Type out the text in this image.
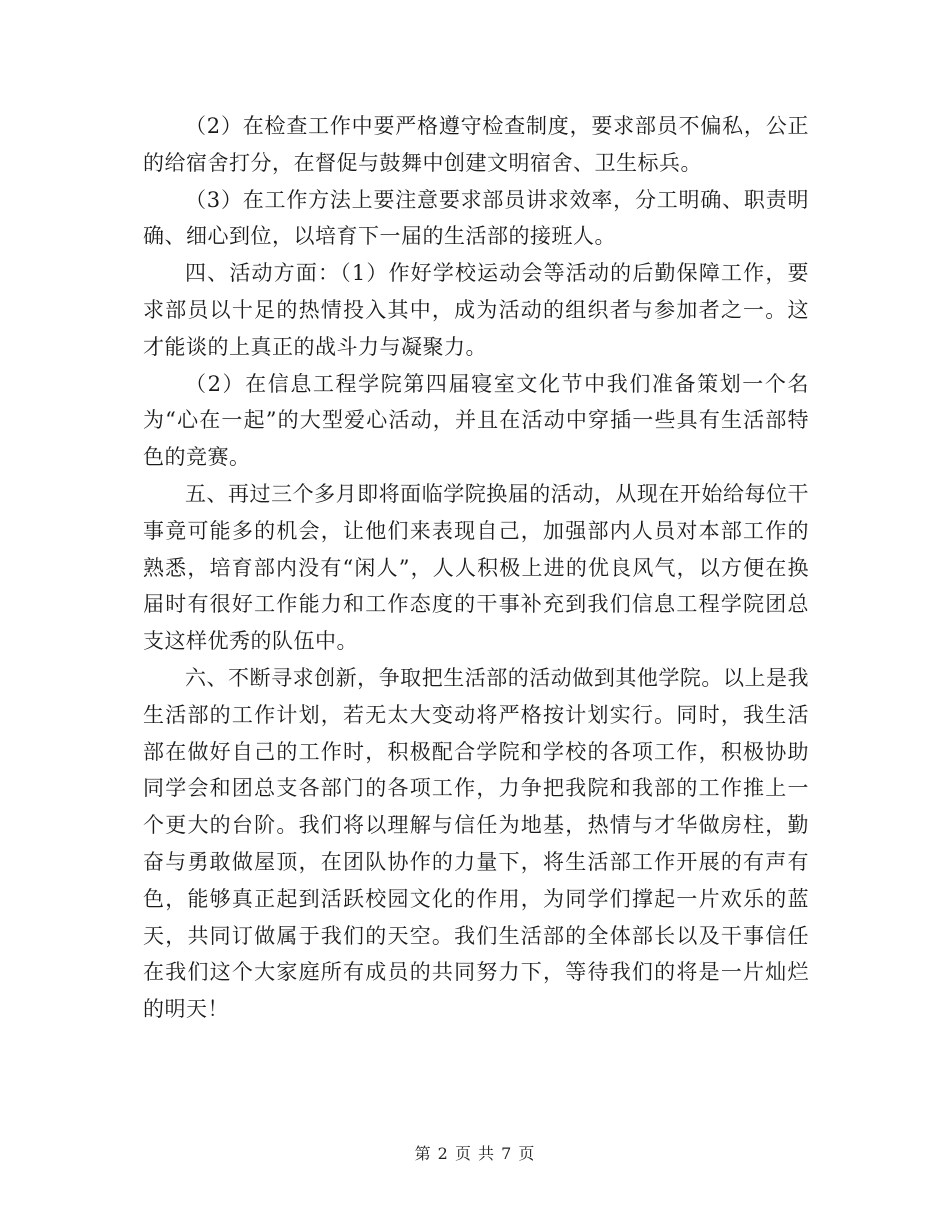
（2）在检查工作中要严格遵守检查制度，要求部员不偏私，公正的给宿舍打分，在督促与鼓舞中创建文明宿舍、卫生标兵。

（3）在工作方法上要注意要求部员讲求效率，分工明确、职责明确、细心到位，以培育下一届的生活部的接班人。

四、活动方面：（1）作好学校运动会等活动的后勤保障工作，要求部员以十足的热情投入其中，成为活动的组织者与参加者之一。这才能谈的上真正的战斗力与凝聚力。

（2）在信息工程学院第四届寝室文化节中我们准备策划一个名为“心在一起”的大型爱心活动，并且在活动中穿插一些具有生活部特色的竞赛。

五、再过三个多月即将面临学院换届的活动，从现在开始给每位干事竟可能多的机会，让他们来表现自己，加强部内人员对本部工作的熟悉，培育部内没有“闲人”，人人积极上进的优良风气，以方便在换届时有很好工作能力和工作态度的干事补充到我们信息工程学院团总支这样优秀的队伍中。

六、不断寻求创新，争取把生活部的活动做到其他学院。以上是我生活部的工作计划，若无太大变动将严格按计划实行。同时，我生活部在做好自己的工作时，积极配合学院和学校的各项工作，积极协助同学会和团总支各部门的各项工作，力争把我院和我部的工作推上一个更大的台阶。我们将以理解与信任为地基，热情与才华做房柱，勤奋与勇敢做屋顶，在团队协作的力量下，将生活部工作开展的有声有色，能够真正起到活跃校园文化的作用，为同学们撑起一片欢乐的蓝天，共同订做属于我们的天空。我们生活部的全体部长以及干事信任在我们这个大家庭所有成员的共同努力下，等待我们的将是一片灿烂的明天！

第 2 页 共 7 页
